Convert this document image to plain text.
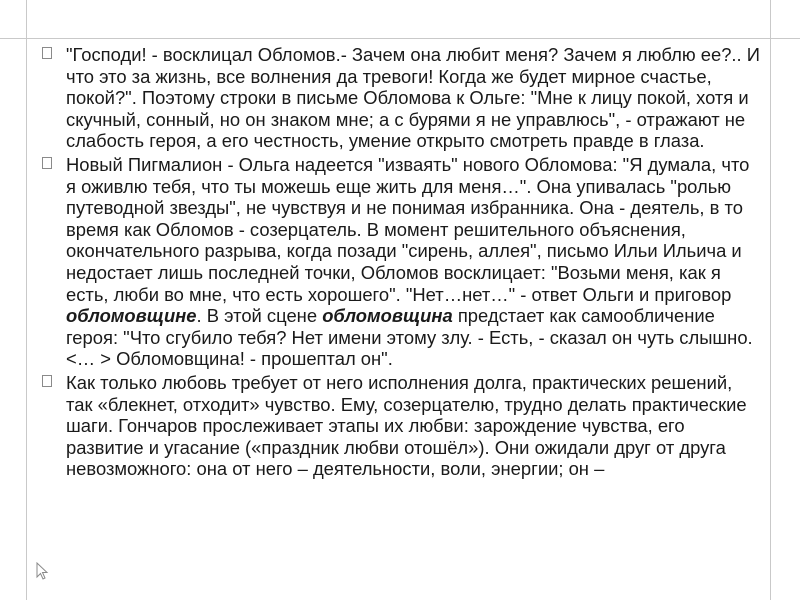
"Господи! - восклицал Обломов.- Зачем она любит меня? Зачем я люблю ее?.. И что это за жизнь, все волнения да тревоги! Когда же будет мирное счастье, покой?". Поэтому строки в письме Обломова к Ольге: "Мне к лицу покой, хотя и скучный, сонный, но он знаком мне; а с бурями я не управлюсь", - отражают не слабость героя, а его честность, умение открыто смотреть правде в глаза.
Новый Пигмалион - Ольга надеется "изваять" нового Обломова: "Я думала, что я оживлю тебя, что ты можешь еще жить для меня…". Она упивалась "ролью путеводной звезды", не чувствуя и не понимая избранника. Она - деятель, в то время как Обломов - созерцатель. В момент решительного объяснения, окончательного разрыва, когда позади "сирень, аллея", письмо Ильи Ильича и недостает лишь последней точки, Обломов восклицает: "Возьми меня, как я есть, люби во мне, что есть хорошего". "Нет…нет…" - ответ Ольги и приговор обломовщине. В этой сцене обломовщина предстает как самообличение героя: "Что сгубило тебя? Нет имени этому злу. - Есть, - сказал он чуть слышно. <… > Обломовщина! - прошептал он".
Как только любовь требует от него исполнения долга, практических решений, так «блекнет, отходит» чувство. Ему, созерцателю, трудно делать практические шаги. Гончаров прослеживает этапы их любви: зарождение чувства, его развитие и угасание («праздник любви отошёл»). Они ожидали друг от друга невозможного: она от него – деятельности, воли, энергии; он –
